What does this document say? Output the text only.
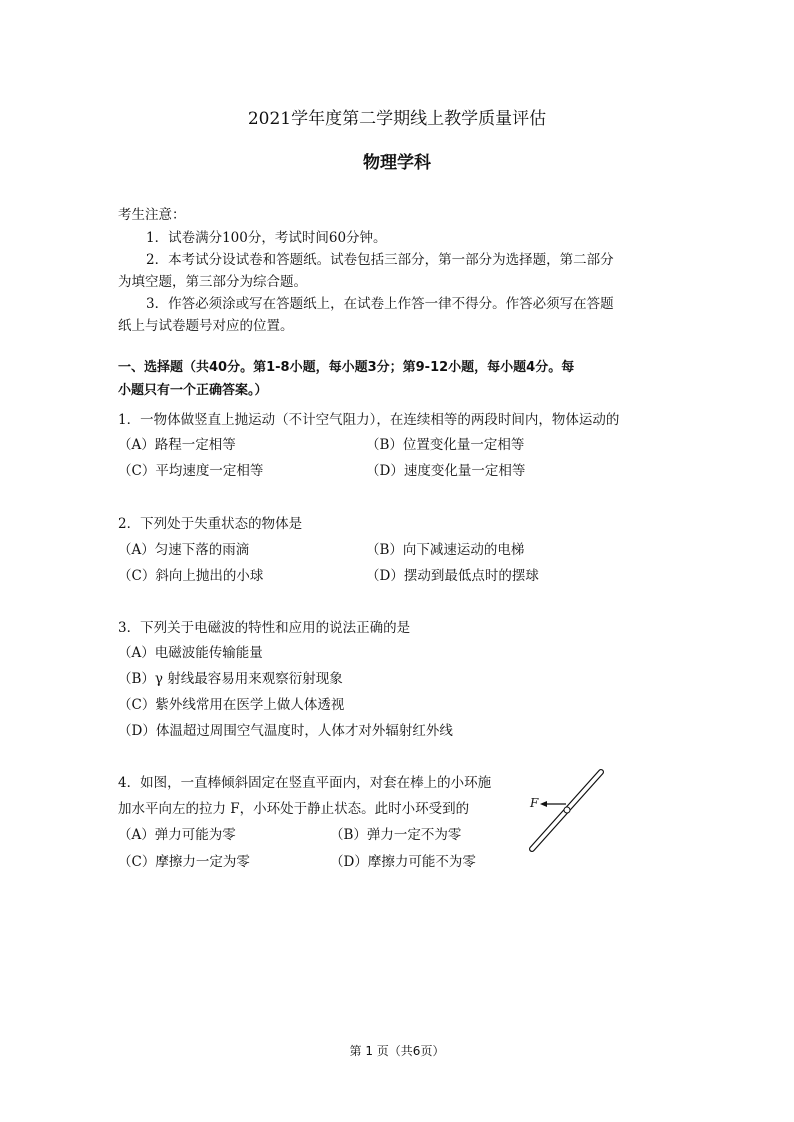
2021学年度第二学期线上教学质量评估
物理学科
考生注意：
1．试卷满分100分，考试时间60分钟。
2．本考试分设试卷和答题纸。试卷包括三部分，第一部分为选择题，第二部分
为填空题，第三部分为综合题。
3．作答必须涂或写在答题纸上，在试卷上作答一律不得分。作答必须写在答题
纸上与试卷题号对应的位置。
一、选择题（共40分。第1-8小题，每小题3分；第9-12小题，每小题4分。每
小题只有一个正确答案。）
1．一物体做竖直上抛运动（不计空气阻力），在连续相等的两段时间内，物体运动的
（A）路程一定相等	（B）位置变化量一定相等
（C）平均速度一定相等	（D）速度变化量一定相等
2．下列处于失重状态的物体是
（A）匀速下落的雨滴	（B）向下减速运动的电梯
（C）斜向上抛出的小球	（D）摆动到最低点时的摆球
3．下列关于电磁波的特性和应用的说法正确的是
（A）电磁波能传输能量
（B）γ 射线最容易用来观察衍射现象
（C）紫外线常用在医学上做人体透视
（D）体温超过周围空气温度时，人体才对外辐射红外线
4．如图，一直棒倾斜固定在竖直平面内，对套在棒上的小环施
加水平向左的拉力 F，小环处于静止状态。此时小环受到的
（A）弹力可能为零	（B）弹力一定不为零
（C）摩擦力一定为零	（D）摩擦力可能不为零
F
第 1 页（共6页）
